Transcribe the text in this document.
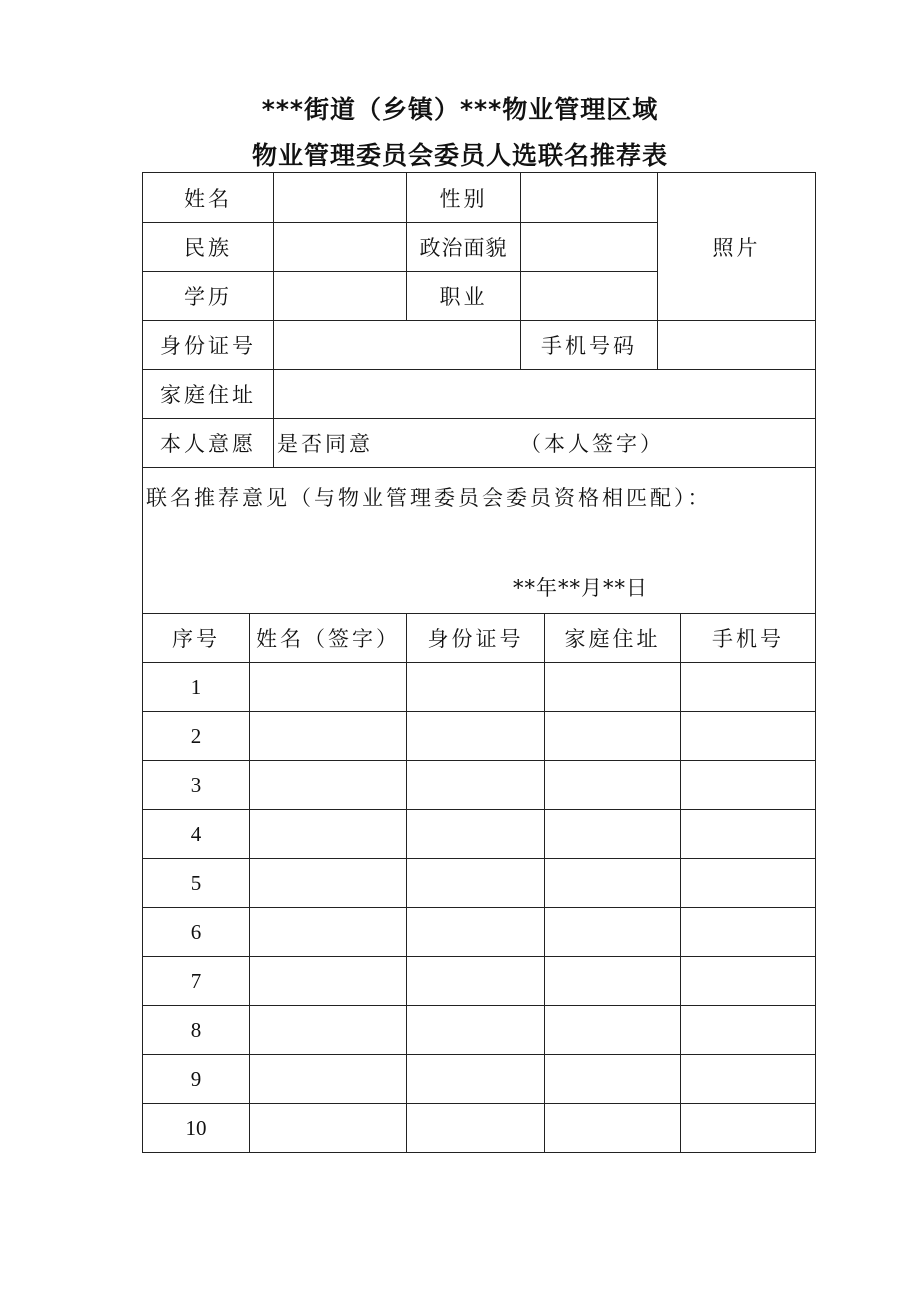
***街道（乡镇）***物业管理区域
物业管理委员会委员人选联名推荐表
姓名	性别
照片
民族	政治面貌
学历	职业
身份证号	手机号码
家庭住址
本人意愿	是否同意	（本人签字）
联名推荐意见（与物业管理委员会委员资格相匹配）：
**年**月**日
序号	姓名（签字）	身份证号	家庭住址	手机号
1
2
3
4
5
6
7
8
9
10
